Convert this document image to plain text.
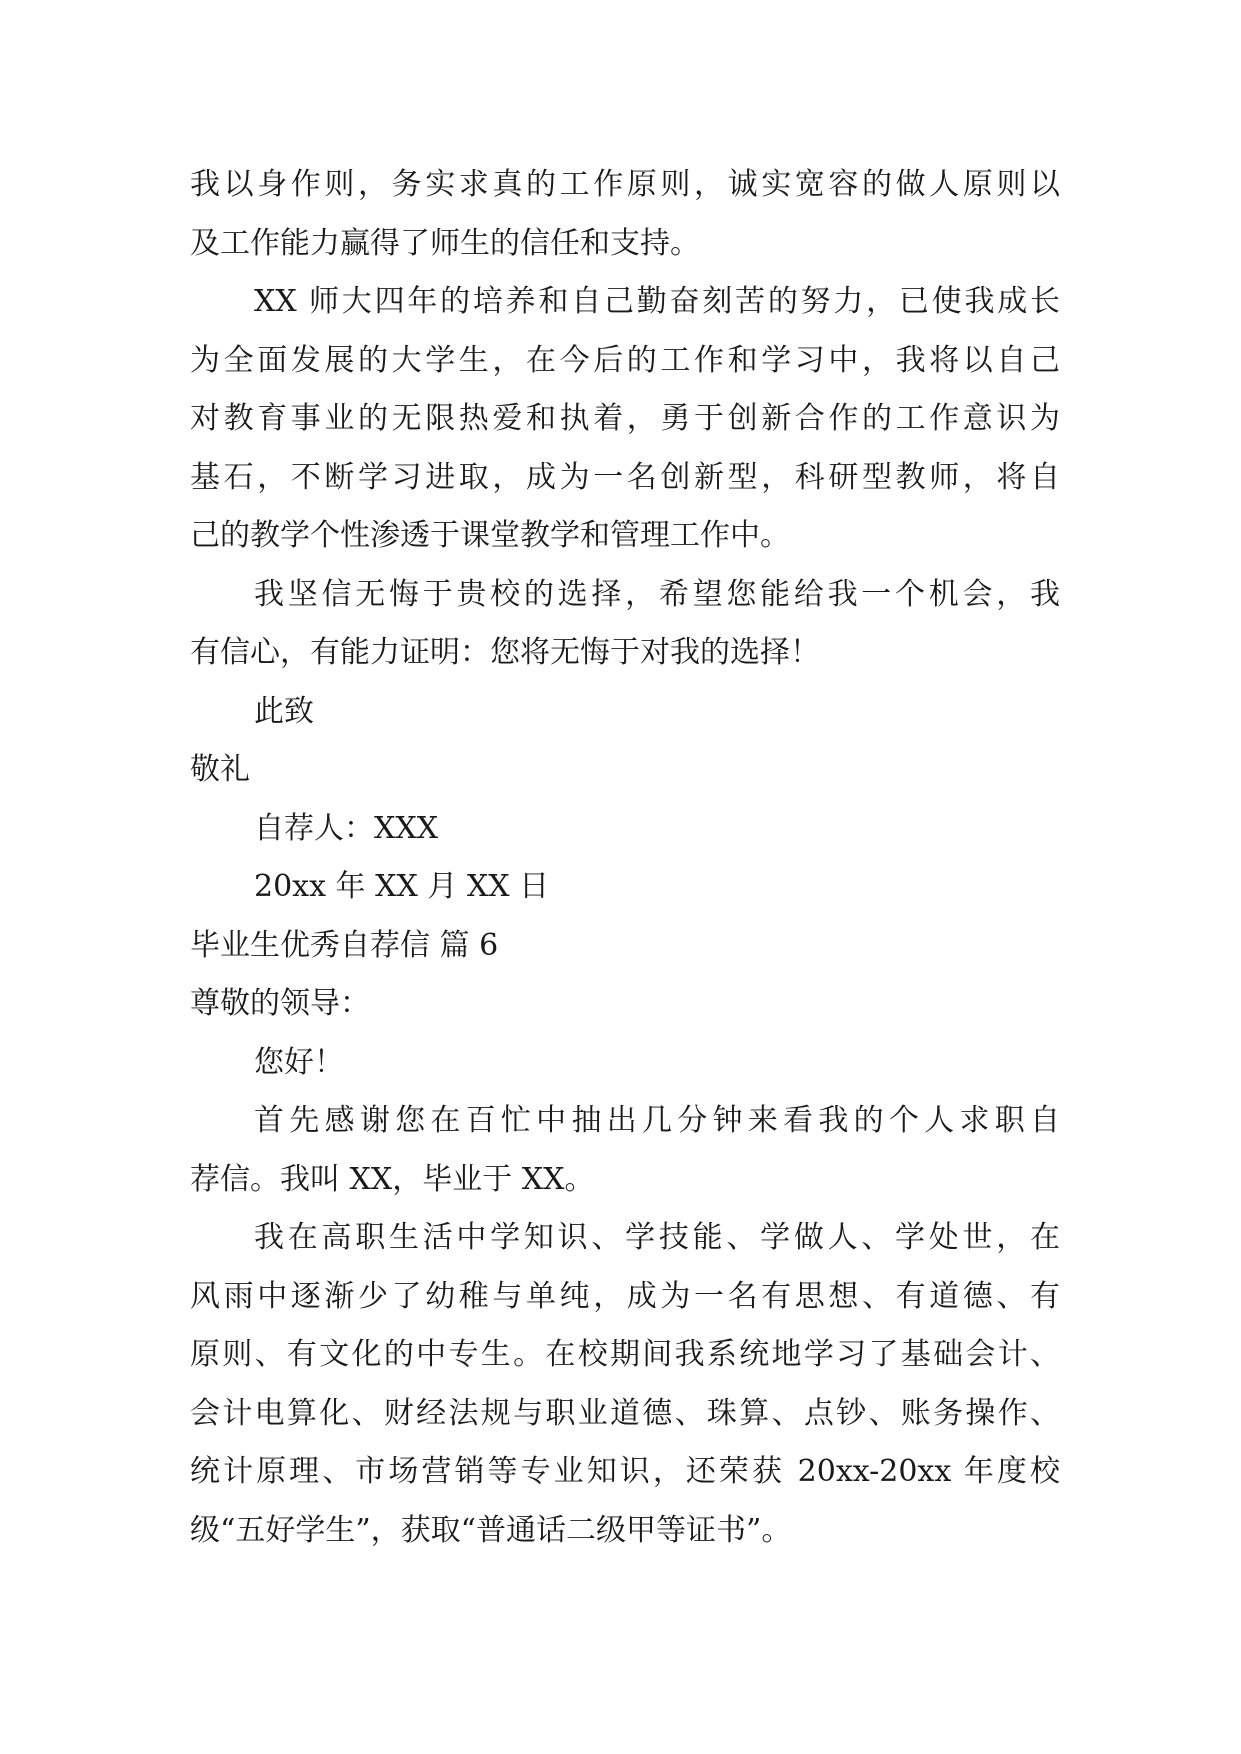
我以身作则，务实求真的工作原则，诚实宽容的做人原则以
及工作能力赢得了师生的信任和支持。
XX 师大四年的培养和自己勤奋刻苦的努力，已使我成长
为全面发展的大学生，在今后的工作和学习中，我将以自己
对教育事业的无限热爱和执着，勇于创新合作的工作意识为
基石，不断学习进取，成为一名创新型，科研型教师，将自
己的教学个性渗透于课堂教学和管理工作中。
我坚信无悔于贵校的选择，希望您能给我一个机会，我
有信心，有能力证明：您将无悔于对我的选择！
此致
敬礼
自荐人：XXX
20xx 年 XX 月 XX 日
毕业生优秀自荐信 篇 6
尊敬的领导：
您好！
首先感谢您在百忙中抽出几分钟来看我的个人求职自
荐信。我叫 XX，毕业于 XX。
我在高职生活中学知识、学技能、学做人、学处世，在
风雨中逐渐少了幼稚与单纯，成为一名有思想、有道德、有
原则、有文化的中专生。在校期间我系统地学习了基础会计、
会计电算化、财经法规与职业道德、珠算、点钞、账务操作、
统计原理、市场营销等专业知识，还荣获 20xx-20xx 年度校
级“五好学生”，获取“普通话二级甲等证书”。
